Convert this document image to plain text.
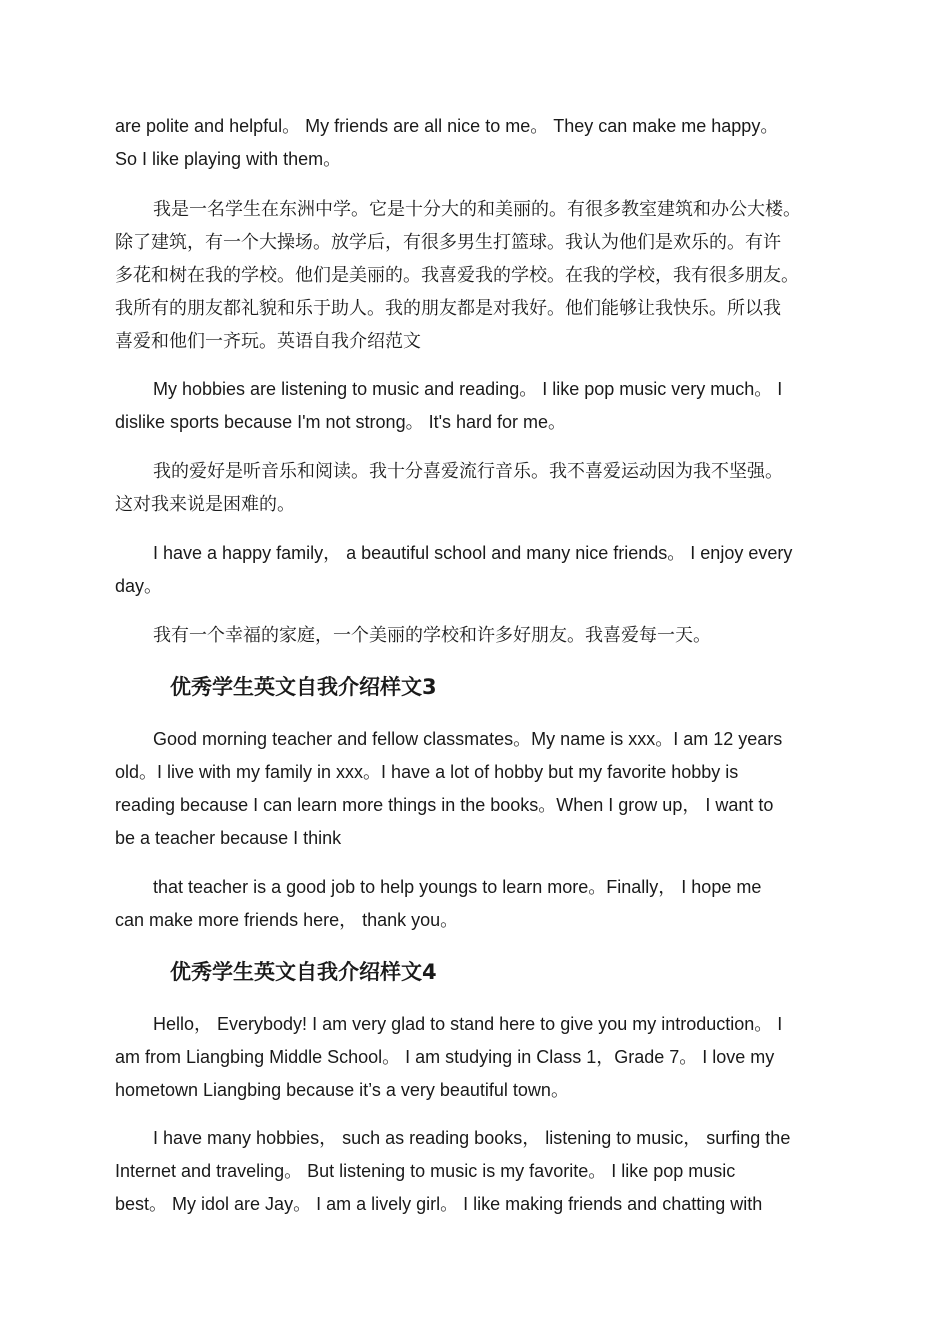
are polite and helpful。 My friends are all nice to me。 They can make me happy。
So I like playing with them。
我是一名学生在东洲中学。它是十分大的和美丽的。有很多教室建筑和办公大楼。
除了建筑，有一个大操场。放学后，有很多男生打篮球。我认为他们是欢乐的。有许
多花和树在我的学校。他们是美丽的。我喜爱我的学校。在我的学校，我有很多朋友。
我所有的朋友都礼貌和乐于助人。我的朋友都是对我好。他们能够让我快乐。所以我
喜爱和他们一齐玩。英语自我介绍范文
My hobbies are listening to music and reading。 I like pop music very much。 I
dislike sports because I'm not strong。 It's hard for me。
我的爱好是听音乐和阅读。我十分喜爱流行音乐。我不喜爱运动因为我不坚强。
这对我来说是困难的。
I have a happy family， a beautiful school and many nice friends。 I enjoy every
day。
我有一个幸福的家庭，一个美丽的学校和许多好朋友。我喜爱每一天。
优秀学生英文自我介绍样文3
Good morning teacher and fellow classmates。My name is xxx。I am 12 years
old。I live with my family in xxx。I have a lot of hobby but my favorite hobby is
reading because I can learn more things in the books。When I grow up， I want to
be a teacher because I think
that teacher is a good job to help youngs to learn more。Finally， I hope me
can make more friends here， thank you。
优秀学生英文自我介绍样文4
Hello， Everybody! I am very glad to stand here to give you my introduction。 I
am from Liangbing Middle School。 I am studying in Class 1，Grade 7。 I love my
hometown Liangbing because it’s a very beautiful town。
I have many hobbies， such as reading books， listening to music， surfing the
Internet and traveling。 But listening to music is my favorite。 I like pop music
best。 My idol are Jay。 I am a lively girl。 I like making friends and chatting with
